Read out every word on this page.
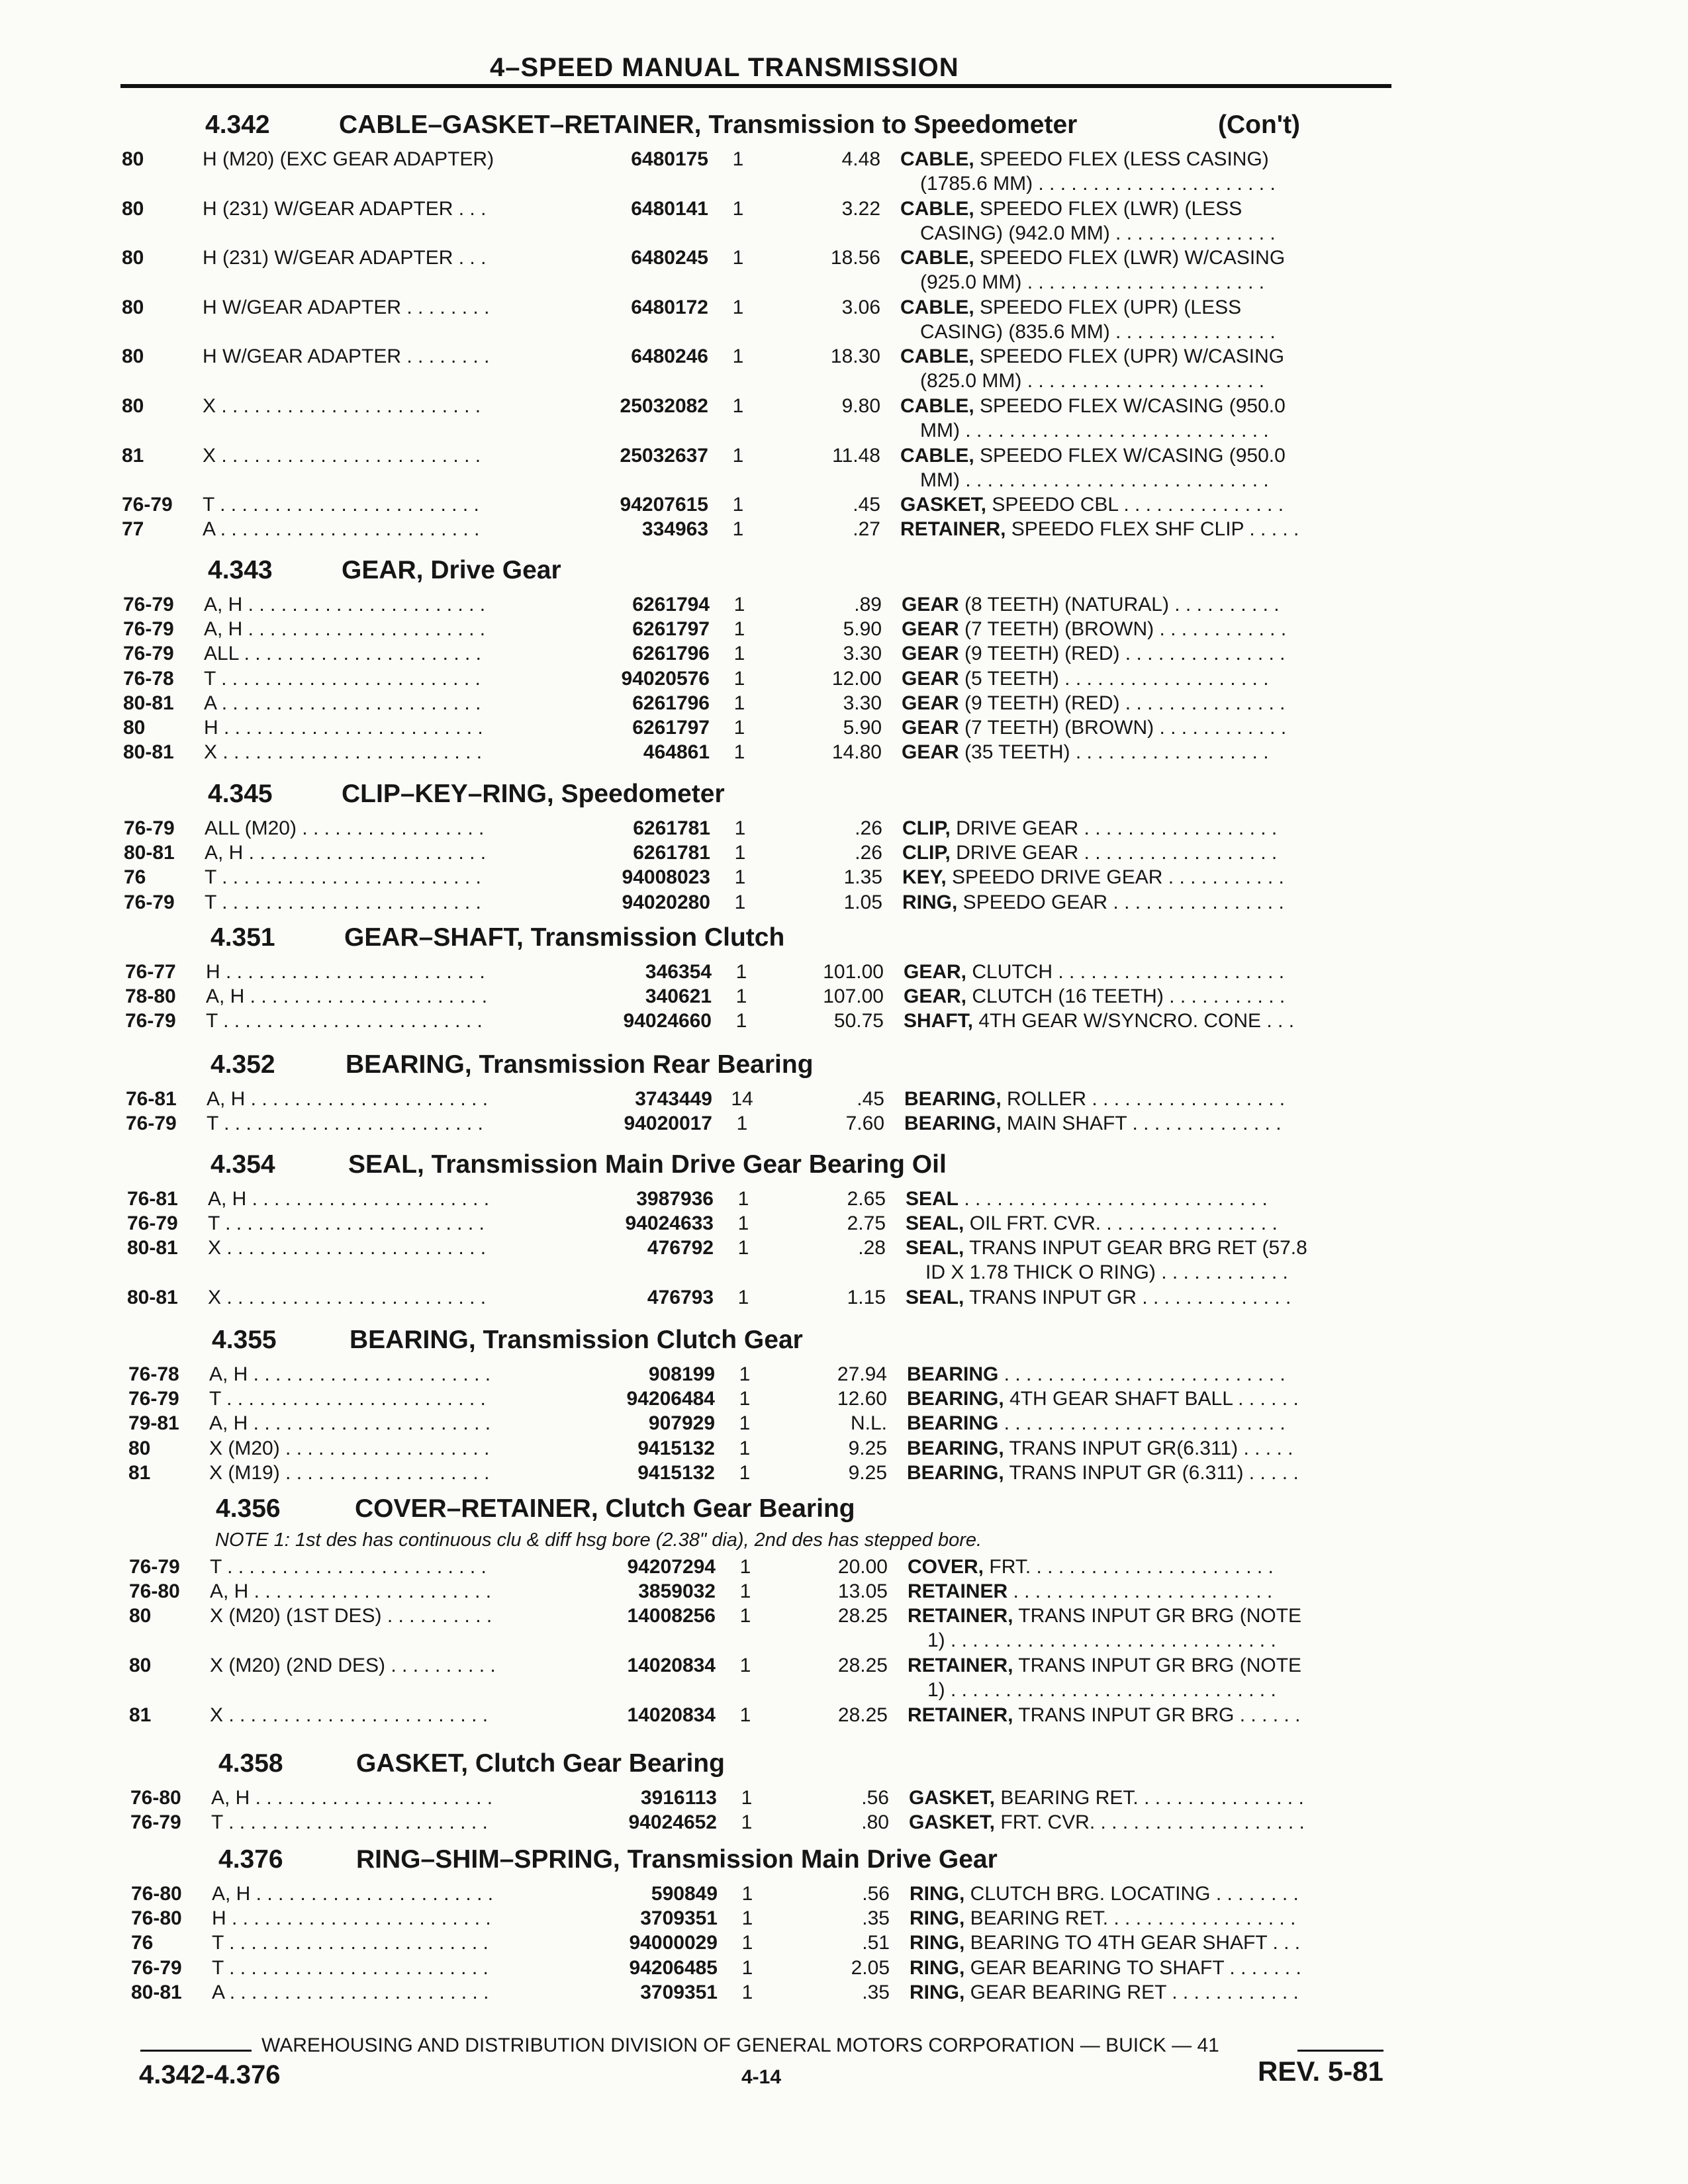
4–SPEED MANUAL TRANSMISSION
4.342	CABLE–GASKET–RETAINER, Transmission to Speedometer	(Con't)
80	H (M20) (EXC GEAR ADAPTER)	6480175	1	4.48 CABLE, SPEEDO FLEX (LESS CASING)
(1785.6 MM) . . . . . . . . . . . . . . . . . . . . . .
80	H (231) W/GEAR ADAPTER . . .	6480141	1	3.22 CABLE, SPEEDO FLEX (LWR) (LESS
CASING) (942.0 MM) . . . . . . . . . . . . . . .
80	H (231) W/GEAR ADAPTER . . .	6480245	1	18.56 CABLE, SPEEDO FLEX (LWR) W/CASING
(925.0 MM) . . . . . . . . . . . . . . . . . . . . . .
80	H W/GEAR ADAPTER . . . . . . . .	6480172	1	3.06 CABLE, SPEEDO FLEX (UPR) (LESS
CASING) (835.6 MM) . . . . . . . . . . . . . . .
80	H W/GEAR ADAPTER . . . . . . . .	6480246	1	18.30 CABLE, SPEEDO FLEX (UPR) W/CASING
(825.0 MM) . . . . . . . . . . . . . . . . . . . . . .
80	X . . . . . . . . . . . . . . . . . . . . . . . .	25032082	1	9.80 CABLE, SPEEDO FLEX W/CASING (950.0
MM) . . . . . . . . . . . . . . . . . . . . . . . . . . . .
81	X . . . . . . . . . . . . . . . . . . . . . . . .	25032637	1	11.48 CABLE, SPEEDO FLEX W/CASING (950.0
MM) . . . . . . . . . . . . . . . . . . . . . . . . . . . .
76-79 T . . . . . . . . . . . . . . . . . . . . . . . .	94207615	1	.45 GASKET, SPEEDO CBL . . . . . . . . . . . . . . .
77	A . . . . . . . . . . . . . . . . . . . . . . . .	334963	1	.27 RETAINER, SPEEDO FLEX SHF CLIP . . . . .
4.343	GEAR, Drive Gear
76-79 A, H . . . . . . . . . . . . . . . . . . . . . .	6261794	1	.89 GEAR (8 TEETH) (NATURAL) . . . . . . . . . .
76-79 A, H . . . . . . . . . . . . . . . . . . . . . .	6261797	1	5.90 GEAR (7 TEETH) (BROWN) . . . . . . . . . . . .
76-79 ALL . . . . . . . . . . . . . . . . . . . . . .	6261796	1	3.30 GEAR (9 TEETH) (RED) . . . . . . . . . . . . . . .
76-78 T . . . . . . . . . . . . . . . . . . . . . . . .	94020576	1	12.00 GEAR (5 TEETH) . . . . . . . . . . . . . . . . . . .
80-81 A . . . . . . . . . . . . . . . . . . . . . . . .	6261796	1	3.30 GEAR (9 TEETH) (RED) . . . . . . . . . . . . . . .
80	H . . . . . . . . . . . . . . . . . . . . . . . .	6261797	1	5.90 GEAR (7 TEETH) (BROWN) . . . . . . . . . . . .
80-81 X . . . . . . . . . . . . . . . . . . . . . . . .	464861	1	14.80 GEAR (35 TEETH) . . . . . . . . . . . . . . . . . .
4.345	CLIP–KEY–RING, Speedometer
76-79 ALL (M20) . . . . . . . . . . . . . . . . .	6261781	1	.26 CLIP, DRIVE GEAR . . . . . . . . . . . . . . . . . .
80-81 A, H . . . . . . . . . . . . . . . . . . . . . .	6261781	1	.26 CLIP, DRIVE GEAR . . . . . . . . . . . . . . . . . .
76	T . . . . . . . . . . . . . . . . . . . . . . . .	94008023	1	1.35 KEY, SPEEDO DRIVE GEAR . . . . . . . . . . .
76-79 T . . . . . . . . . . . . . . . . . . . . . . . .	94020280	1	1.05 RING, SPEEDO GEAR . . . . . . . . . . . . . . . .
4.351	GEAR–SHAFT, Transmission Clutch
76-77 H . . . . . . . . . . . . . . . . . . . . . . . .	346354	1	101.00 GEAR, CLUTCH . . . . . . . . . . . . . . . . . . . . .
78-80 A, H . . . . . . . . . . . . . . . . . . . . . .	340621	1	107.00 GEAR, CLUTCH (16 TEETH) . . . . . . . . . . .
76-79 T . . . . . . . . . . . . . . . . . . . . . . . .	94024660	1	50.75 SHAFT, 4TH GEAR W/SYNCRO. CONE . . .
4.352	BEARING, Transmission Rear Bearing
76-81 A, H . . . . . . . . . . . . . . . . . . . . . .	3743449 14	.45 BEARING, ROLLER . . . . . . . . . . . . . . . . . .
76-79 T . . . . . . . . . . . . . . . . . . . . . . . .	94020017	1	7.60 BEARING, MAIN SHAFT . . . . . . . . . . . . . .
4.354	SEAL, Transmission Main Drive Gear Bearing Oil
76-81 A, H . . . . . . . . . . . . . . . . . . . . . .	3987936	1	2.65 SEAL . . . . . . . . . . . . . . . . . . . . . . . . . . . .
76-79 T . . . . . . . . . . . . . . . . . . . . . . . .	94024633	1	2.75 SEAL, OIL FRT. CVR. . . . . . . . . . . . . . . . .
80-81 X . . . . . . . . . . . . . . . . . . . . . . . .	476792	1	.28 SEAL, TRANS INPUT GEAR BRG RET (57.8
ID X 1.78 THICK O RING) . . . . . . . . . . . .
80-81 X . . . . . . . . . . . . . . . . . . . . . . . .	476793	1	1.15 SEAL, TRANS INPUT GR . . . . . . . . . . . . . .
4.355	BEARING, Transmission Clutch Gear
76-78 A, H . . . . . . . . . . . . . . . . . . . . . .	908199	1	27.94 BEARING . . . . . . . . . . . . . . . . . . . . . . . . . .
76-79 T . . . . . . . . . . . . . . . . . . . . . . . .	94206484	1	12.60 BEARING, 4TH GEAR SHAFT BALL . . . . . .
79-81 A, H . . . . . . . . . . . . . . . . . . . . . .	907929	1	N.L. BEARING . . . . . . . . . . . . . . . . . . . . . . . . . .
80	X (M20) . . . . . . . . . . . . . . . . . . .	9415132	1	9.25 BEARING, TRANS INPUT GR(6.311) . . . . .
81	X (M19) . . . . . . . . . . . . . . . . . . .	9415132	1	9.25 BEARING, TRANS INPUT GR (6.311) . . . . .
4.356	COVER–RETAINER, Clutch Gear Bearing
NOTE 1: 1st des has continuous clu & diff hsg bore (2.38" dia), 2nd des has stepped bore.
76-79 T . . . . . . . . . . . . . . . . . . . . . . . .	94207294	1	20.00 COVER, FRT. . . . . . . . . . . . . . . . . . . . . . .
76-80 A, H . . . . . . . . . . . . . . . . . . . . . .	3859032	1	13.05 RETAINER . . . . . . . . . . . . . . . . . . . . . . . .
80	X (M20) (1ST DES) . . . . . . . . . .	14008256	1	28.25 RETAINER, TRANS INPUT GR BRG (NOTE
1) . . . . . . . . . . . . . . . . . . . . . . . . . . . . . .
80	X (M20) (2ND DES) . . . . . . . . . .	14020834	1	28.25 RETAINER, TRANS INPUT GR BRG (NOTE
1) . . . . . . . . . . . . . . . . . . . . . . . . . . . . . .
81	X . . . . . . . . . . . . . . . . . . . . . . . .	14020834	1	28.25 RETAINER, TRANS INPUT GR BRG . . . . . .
4.358	GASKET, Clutch Gear Bearing
76-80 A, H . . . . . . . . . . . . . . . . . . . . . .	3916113	1	.56 GASKET, BEARING RET. . . . . . . . . . . . . . . .
76-79 T . . . . . . . . . . . . . . . . . . . . . . . .	94024652	1	.80 GASKET, FRT. CVR. . . . . . . . . . . . . . . . . . . .
4.376	RING–SHIM–SPRING, Transmission Main Drive Gear
76-80 A, H . . . . . . . . . . . . . . . . . . . . . .	590849	1	.56 RING, CLUTCH BRG. LOCATING . . . . . . . .
76-80 H . . . . . . . . . . . . . . . . . . . . . . . .	3709351	1	.35 RING, BEARING RET. . . . . . . . . . . . . . . . . .
76	T . . . . . . . . . . . . . . . . . . . . . . . .	94000029	1	.51 RING, BEARING TO 4TH GEAR SHAFT . . .
76-79 T . . . . . . . . . . . . . . . . . . . . . . . .	94206485	1	2.05 RING, GEAR BEARING TO SHAFT . . . . . . .
80-81 A . . . . . . . . . . . . . . . . . . . . . . . .	3709351	1	.35 RING, GEAR BEARING RET . . . . . . . . . . . .
WAREHOUSING AND DISTRIBUTION DIVISION OF GENERAL MOTORS CORPORATION — BUICK — 41
4.342-4.376	4-14	REV. 5-81
